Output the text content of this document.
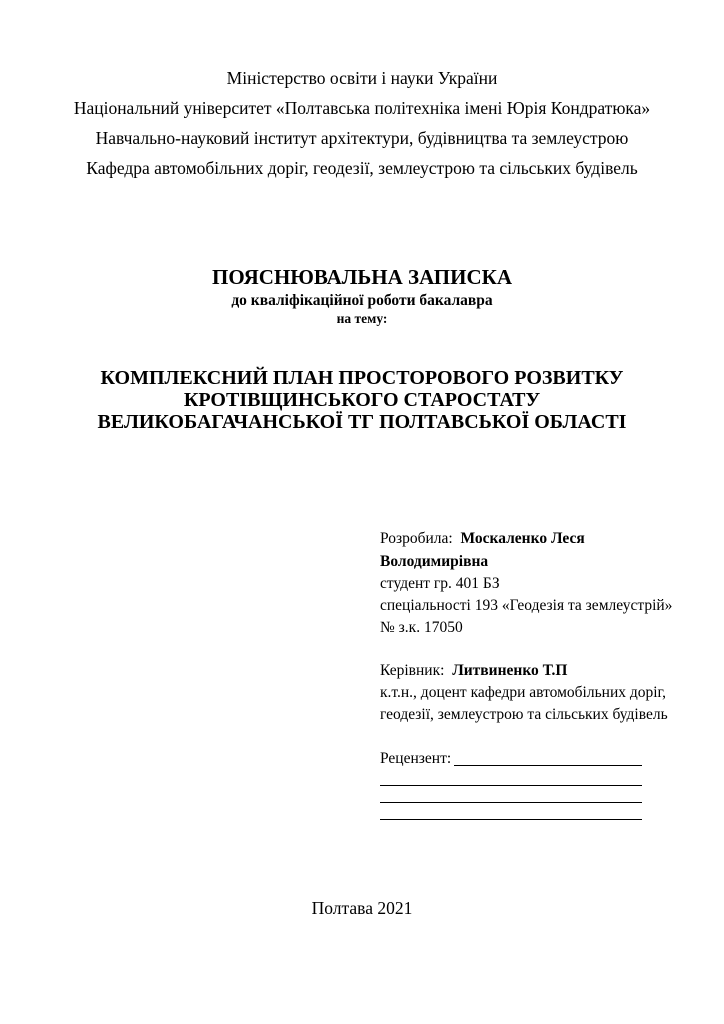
Міністерство освіти і науки України
Національний університет «Полтавська політехніка імені Юрія Кондратюка»
Навчально-науковий інститут архітектури, будівництва та землеустрою
Кафедра автомобільних доріг, геодезії, землеустрою та сільських будівель
ПОЯСНЮВАЛЬНА ЗАПИСКА
до кваліфікаційної роботи бакалавра
на тему:
КОМПЛЕКСНИЙ ПЛАН ПРОСТОРОВОГО РОЗВИТКУ
КРОТІВЩИНСЬКОГО СТАРОСТАТУ
ВЕЛИКОБАГАЧАНСЬКОЇ ТГ ПОЛТАВСЬКОЇ ОБЛАСТІ
Розробила: Москаленко Леся
Володимирівна
студент гр. 401 БЗ
спеціальності 193 «Геодезія та землеустрій»
№ з.к. 17050
Керівник: Литвиненко Т.П
к.т.н., доцент кафедри автомобільних доріг,
геодезії, землеустрою та сільських будівель
Рецензент:
Полтава 2021
